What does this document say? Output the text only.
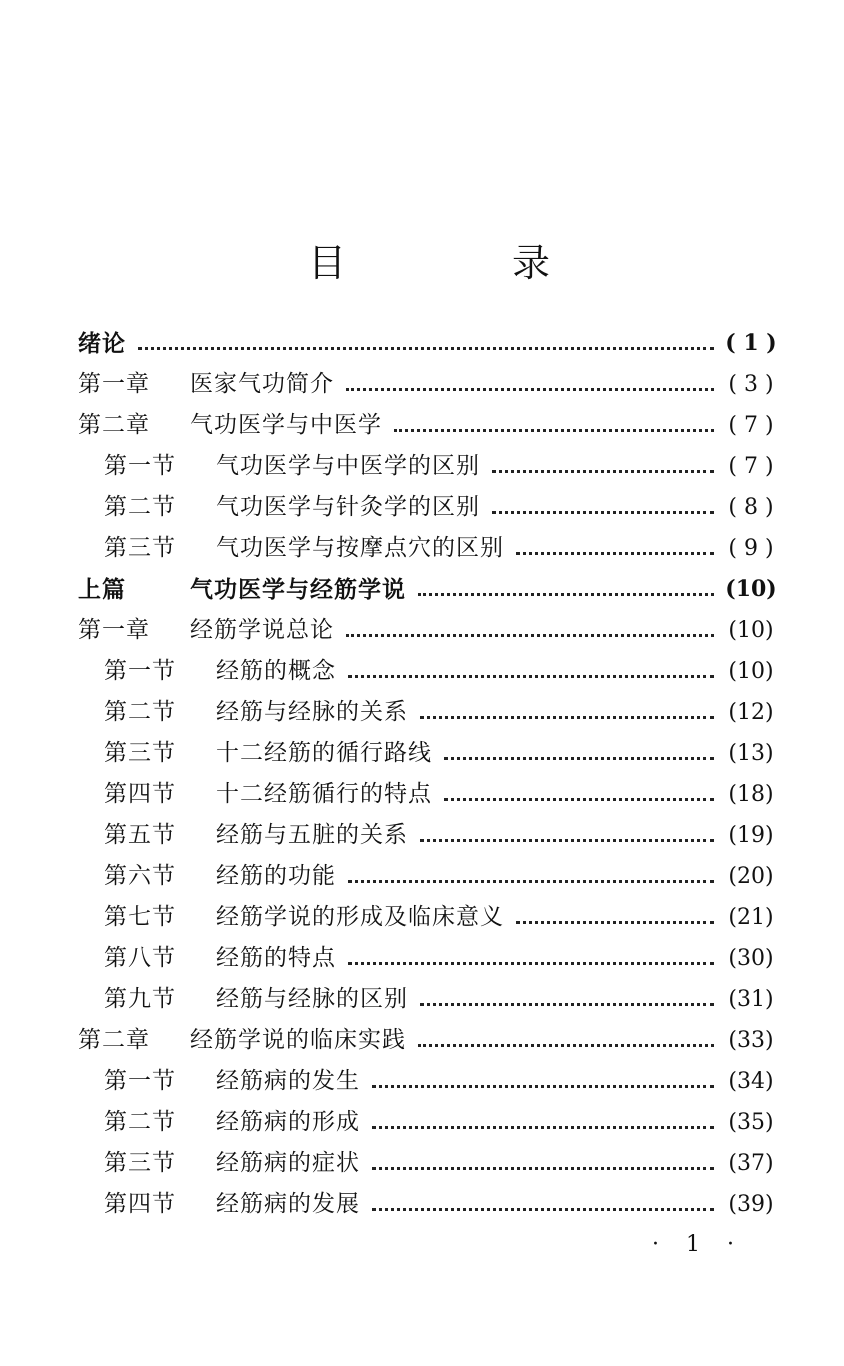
目	录
绪论	( 1 )
第一章	医家气功简介	( 3 )
第二章	气功医学与中医学	( 7 )
第一节	气功医学与中医学的区别	( 7 )
第二节	气功医学与针灸学的区别	( 8 )
第三节	气功医学与按摩点穴的区别	( 9 )
上篇	气功医学与经筋学说	(10)
第一章	经筋学说总论	(10)
第一节	经筋的概念	(10)
第二节	经筋与经脉的关系	(12)
第三节	十二经筋的循行路线	(13)
第四节	十二经筋循行的特点	(18)
第五节	经筋与五脏的关系	(19)
第六节	经筋的功能	(20)
第七节	经筋学说的形成及临床意义	(21)
第八节	经筋的特点	(30)
第九节	经筋与经脉的区别	(31)
第二章	经筋学说的临床实践	(33)
第一节	经筋病的发生	(34)
第二节	经筋病的形成	(35)
第三节	经筋病的症状	(37)
第四节	经筋病的发展	(39)
· 1 ·
